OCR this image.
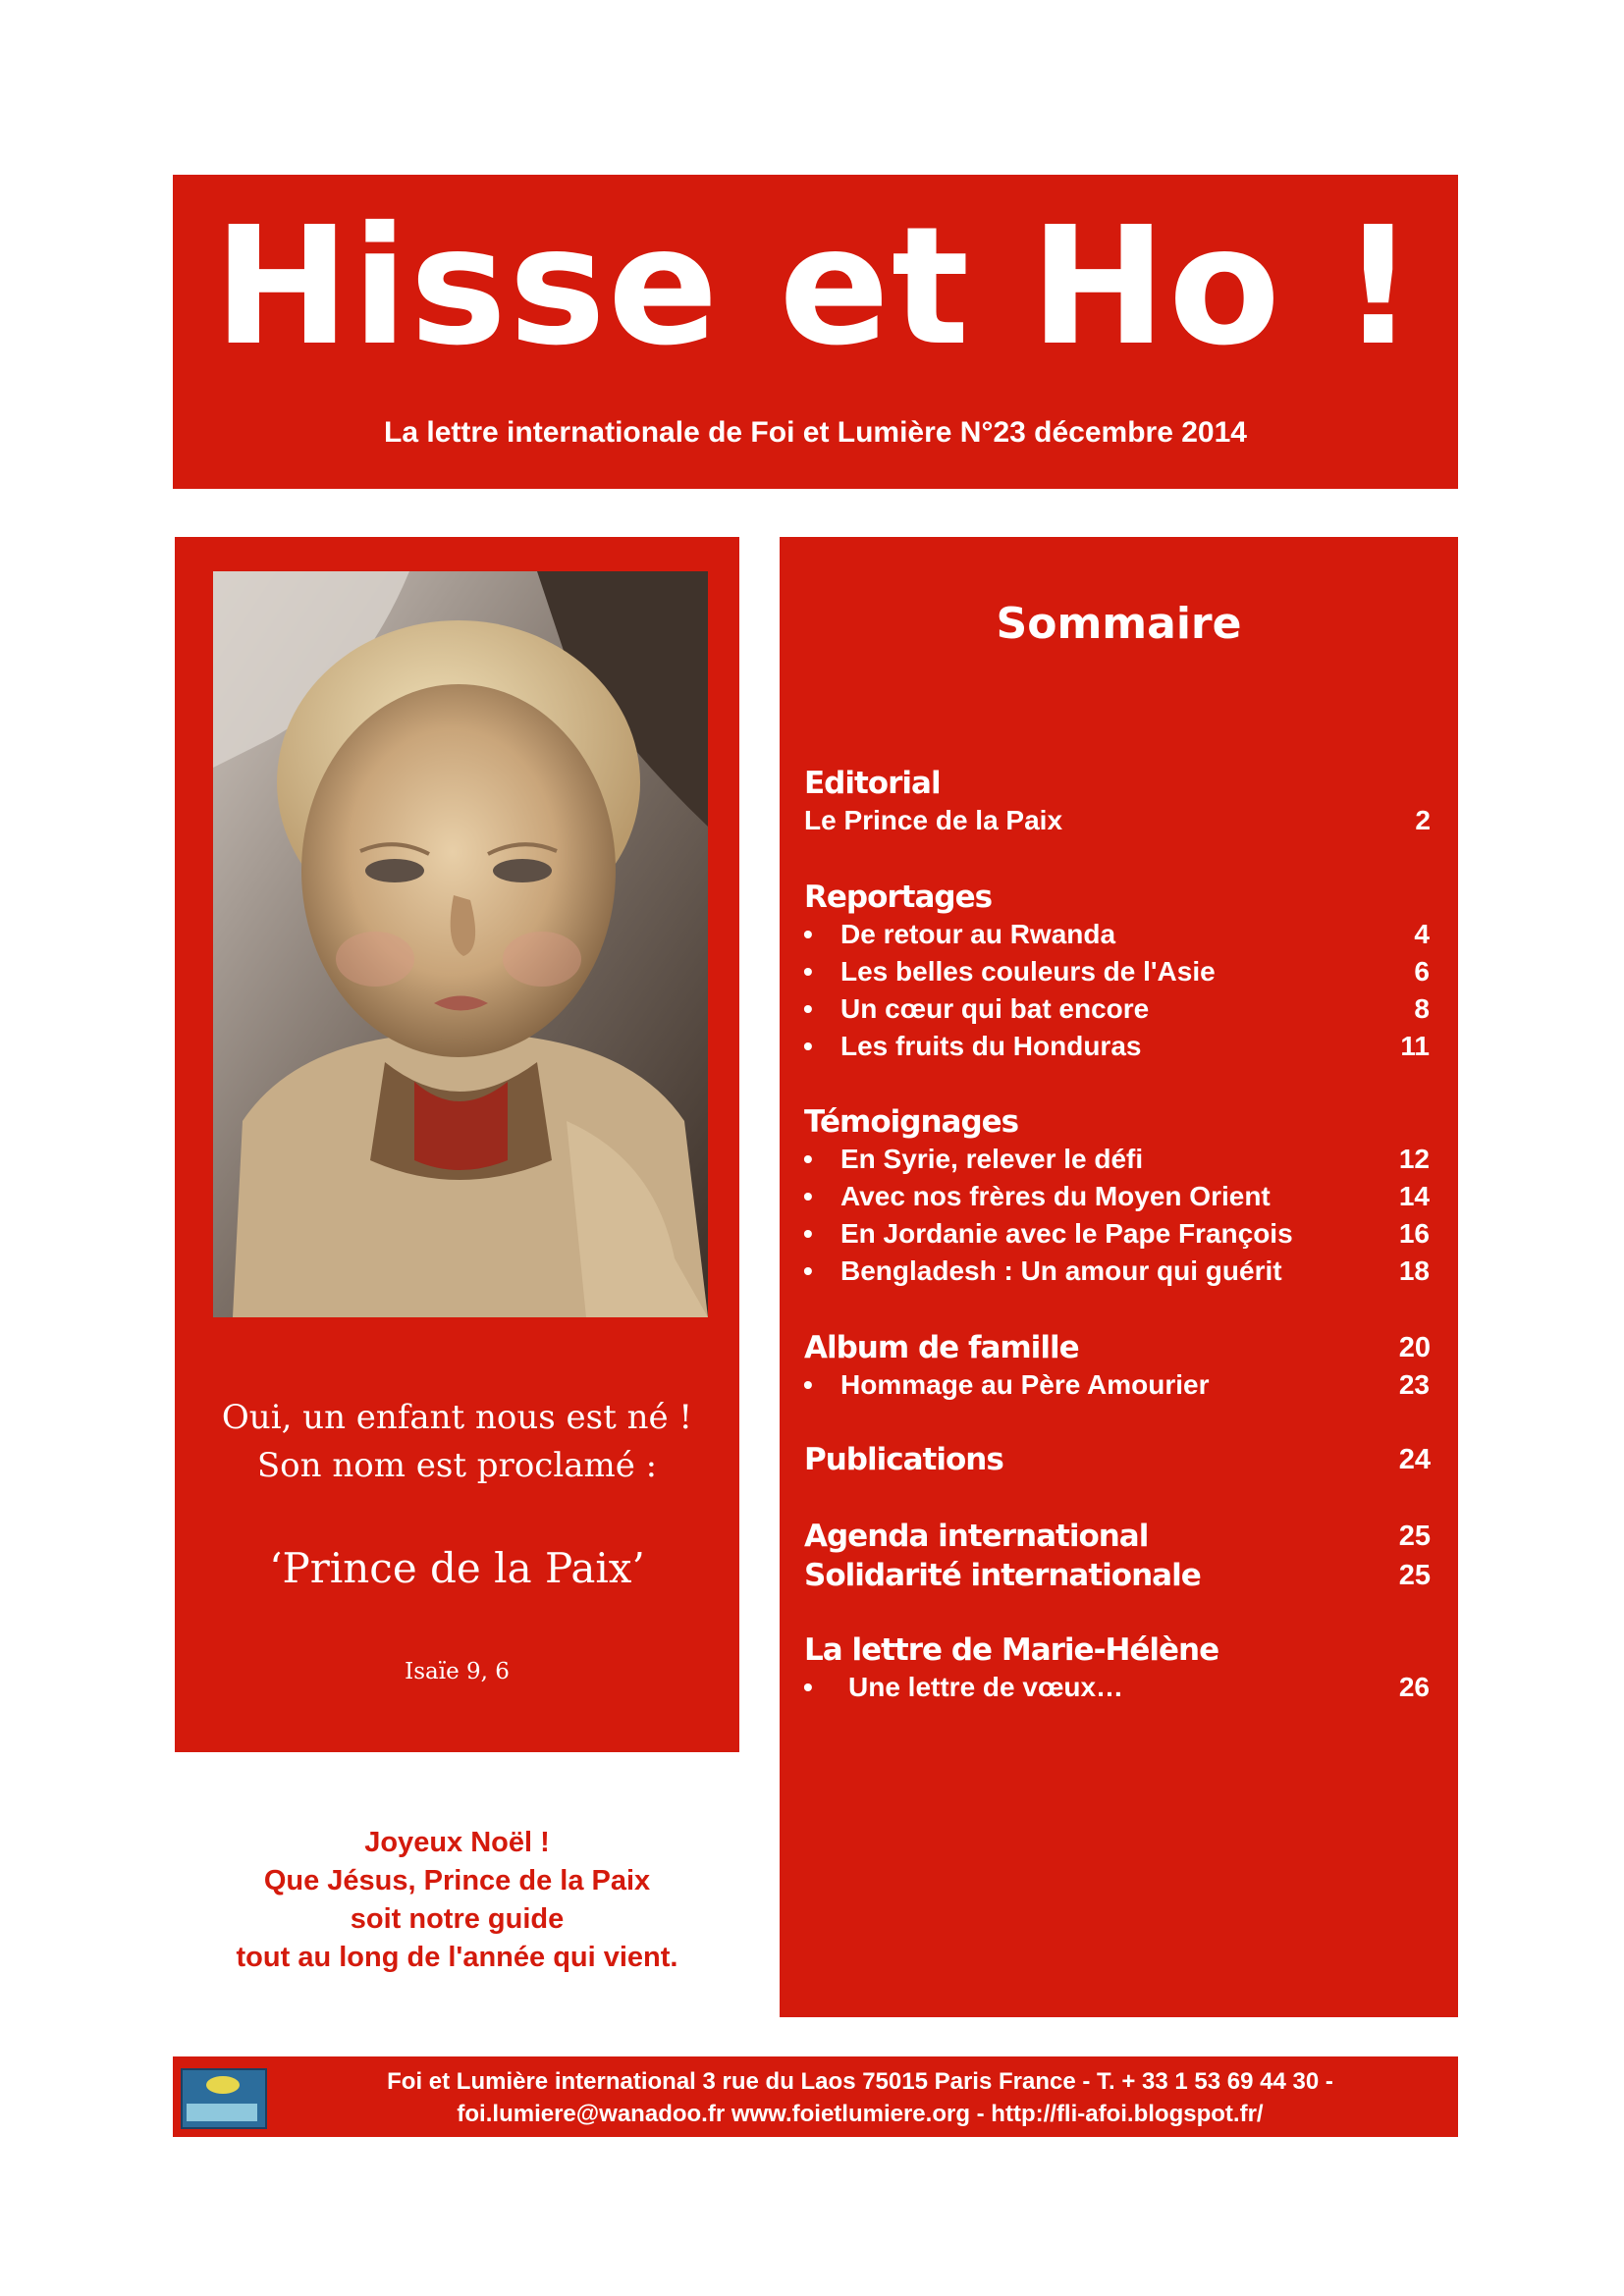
Hisse et Ho !
La lettre internationale de Foi et Lumière N°23 décembre 2014
Oui, un enfant nous est né !
Son nom est proclamé :
‘Prince de la Paix’
Isaïe 9, 6
Joyeux Noël !
Que Jésus, Prince de la Paix
soit notre guide
tout au long de l'année qui vient.
Sommaire
Editorial
Le Prince de la Paix	2
Reportages
• De retour au Rwanda	4
• Les belles couleurs de l'Asie	6
• Un cœur qui bat encore	8
• Les fruits du Honduras	11
Témoignages
• En Syrie, relever le défi	12
• Avec nos frères du Moyen Orient	14
• En Jordanie avec le Pape François	16
• Bengladesh : Un amour qui guérit	18
Album de famille	20
• Hommage au Père Amourier	23
Publications	24
Agenda international	25
Solidarité internationale	25
La lettre de Marie-Hélène
• Une lettre de vœux…	26
Foi et Lumière international 3 rue du Laos 75015 Paris France - T. + 33 1 53 69 44 30 -
foi.lumiere@wanadoo.fr www.foietlumiere.org - http://fli-afoi.blogspot.fr/
